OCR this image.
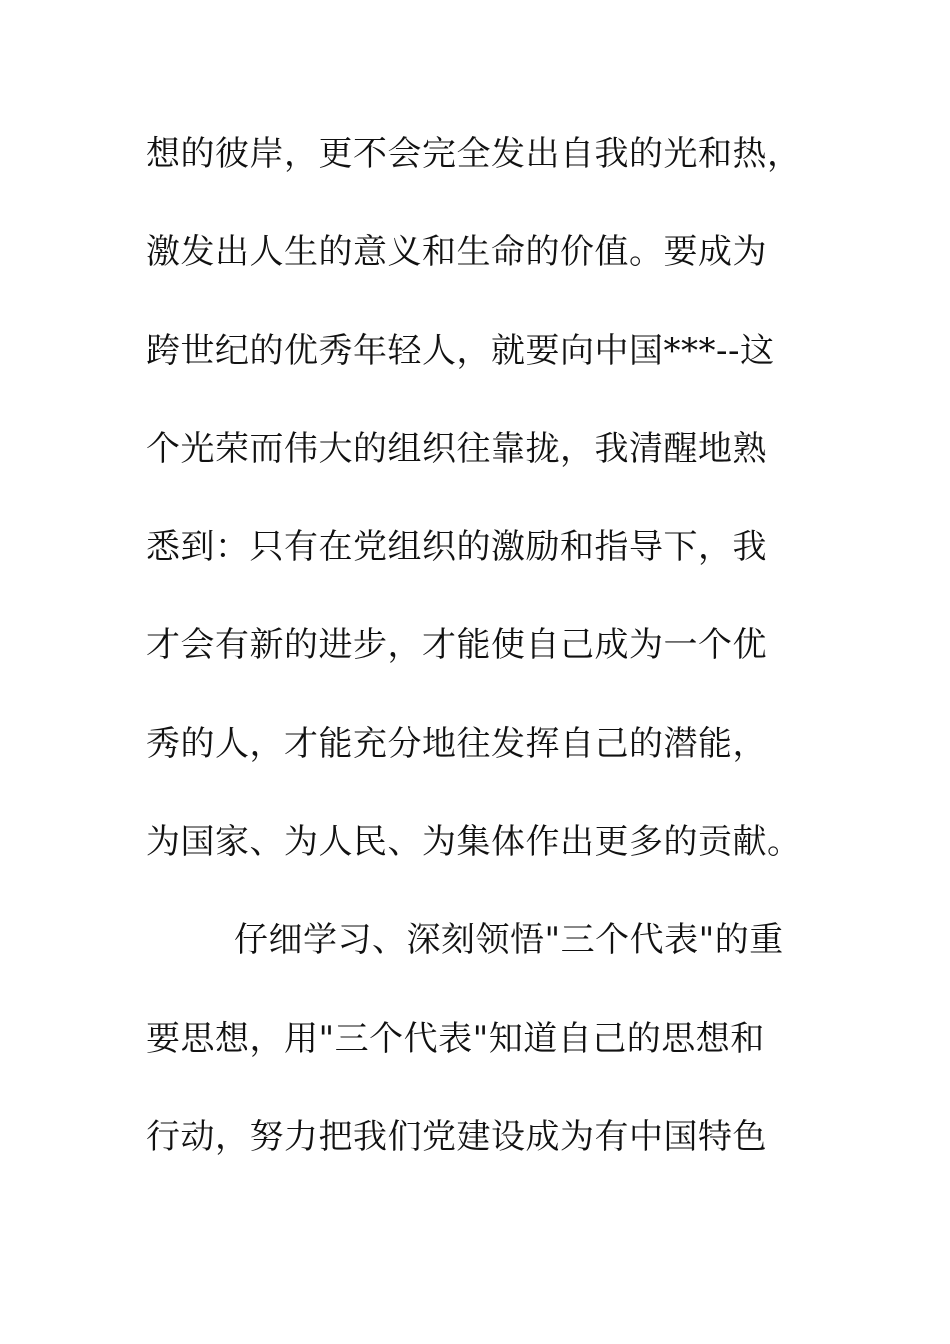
想的彼岸，更不会完全发出自我的光和热，
激发出人生的意义和生命的价值。要成为
跨世纪的优秀年轻人，就要向中国***--这
个光荣而伟大的组织往靠拢，我清醒地熟
悉到：只有在党组织的激励和指导下，我
才会有新的进步，才能使自己成为一个优
秀的人，才能充分地往发挥自己的潜能，
为国家、为人民、为集体作出更多的贡献。
仔细学习、深刻领悟"三个代表"的重
要思想，用"三个代表"知道自己的思想和
行动，努力把我们党建设成为有中国特色
